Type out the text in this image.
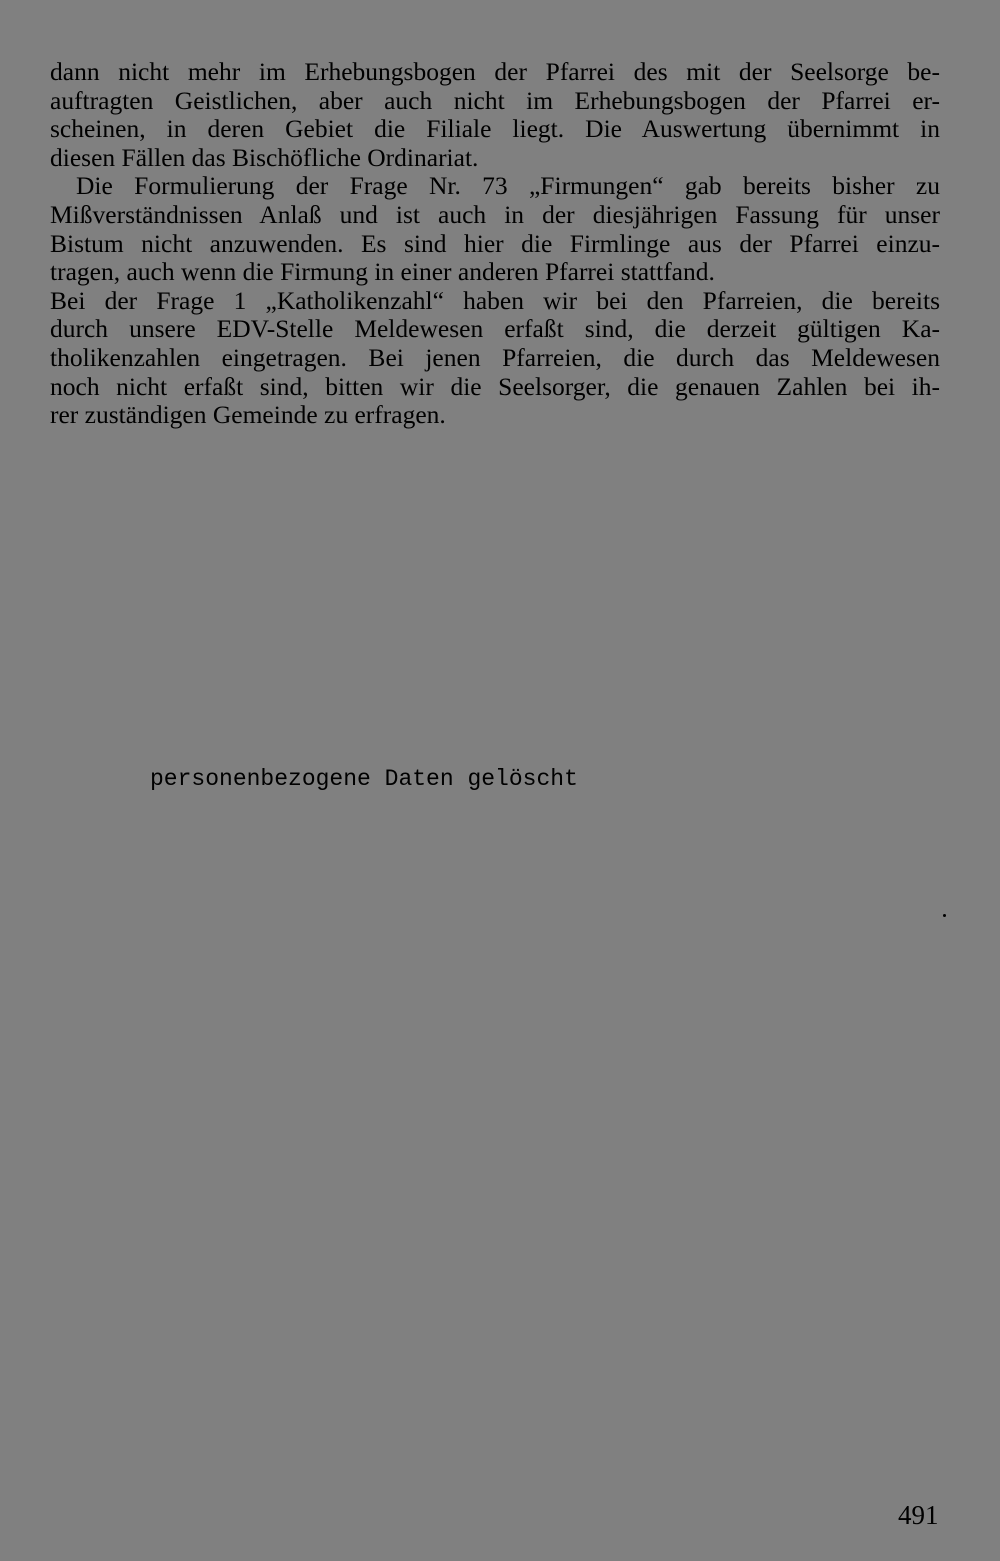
dann nicht mehr im Erhebungsbogen der Pfarrei des mit der Seelsorge be-
auftragten Geistlichen, aber auch nicht im Erhebungsbogen der Pfarrei er-
scheinen, in deren Gebiet die Filiale liegt. Die Auswertung übernimmt in
diesen Fällen das Bischöfliche Ordinariat.
Die Formulierung der Frage Nr. 73 „Firmungen“ gab bereits bisher zu
Mißverständnissen Anlaß und ist auch in der diesjährigen Fassung für unser
Bistum nicht anzuwenden. Es sind hier die Firmlinge aus der Pfarrei einzu-
tragen, auch wenn die Firmung in einer anderen Pfarrei stattfand.
Bei der Frage 1 „Katholikenzahl“ haben wir bei den Pfarreien, die bereits
durch unsere EDV-Stelle Meldewesen erfaßt sind, die derzeit gültigen Ka-
tholikenzahlen eingetragen. Bei jenen Pfarreien, die durch das Meldewesen
noch nicht erfaßt sind, bitten wir die Seelsorger, die genauen Zahlen bei ih-
rer zuständigen Gemeinde zu erfragen.
personenbezogene Daten gelöscht
491
